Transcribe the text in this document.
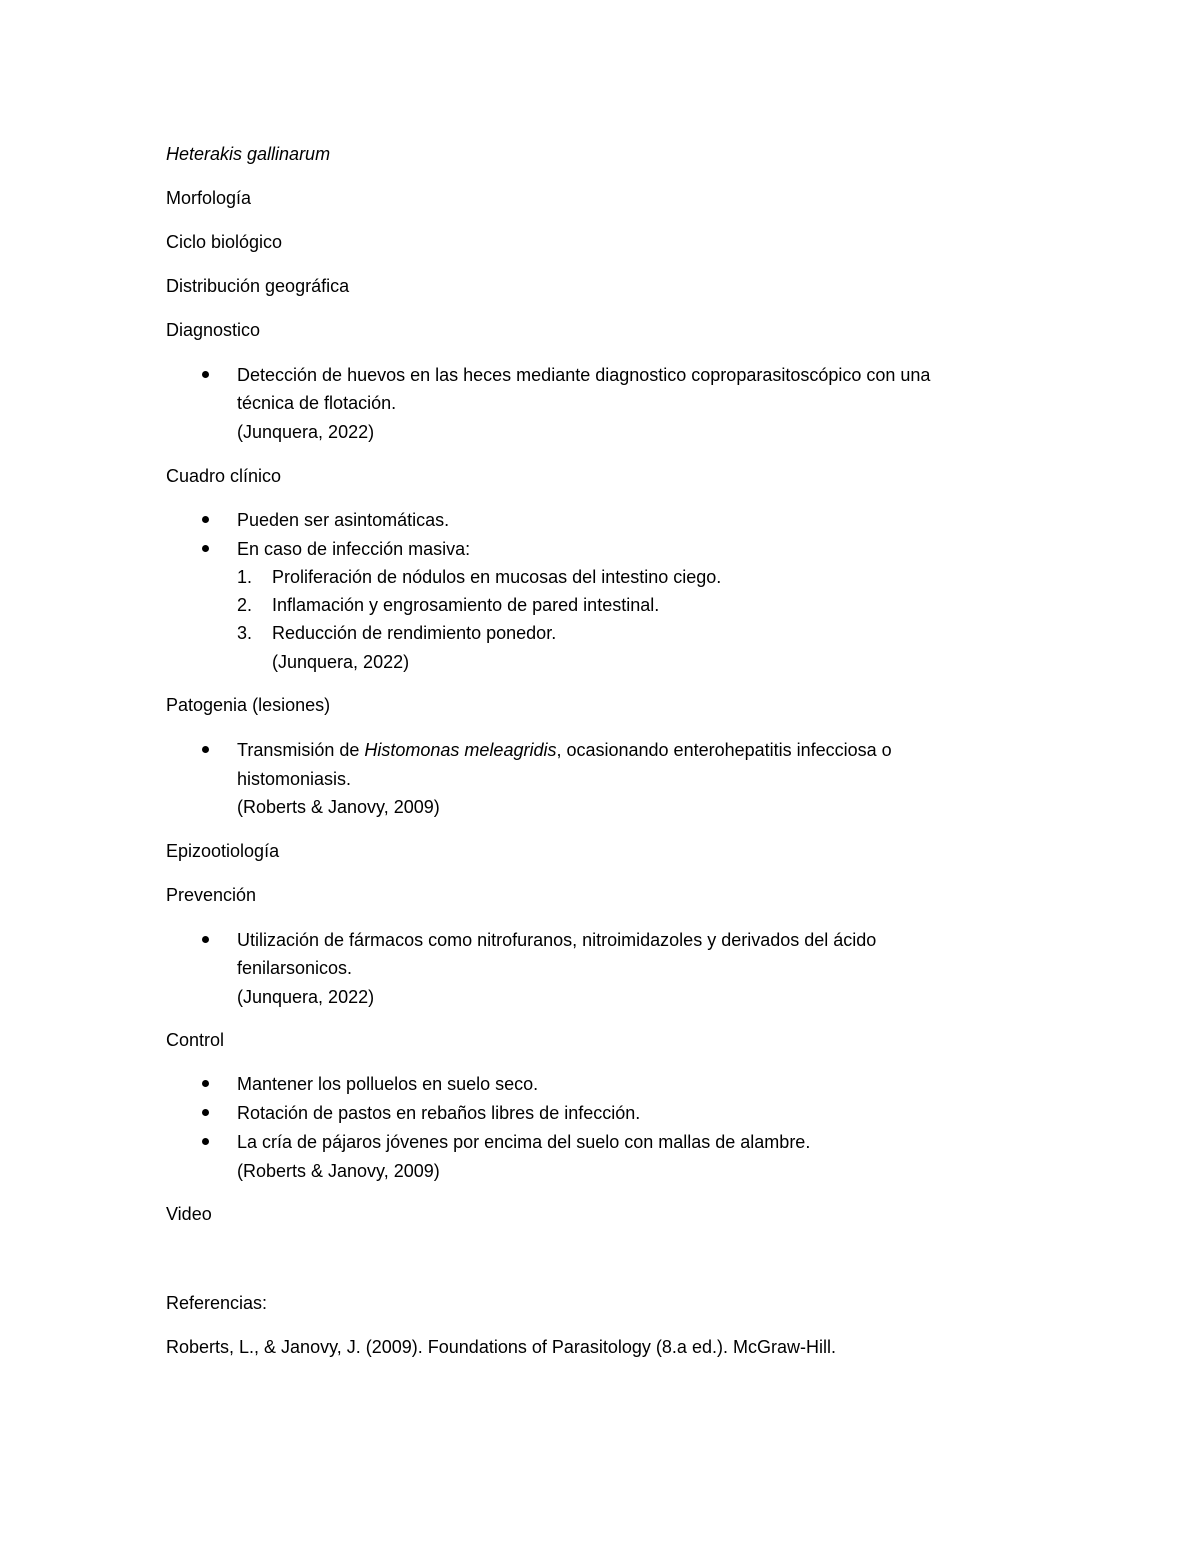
Heterakis gallinarum
Morfología
Ciclo biológico
Distribución geográfica
Diagnostico
Detección de huevos en las heces mediante diagnostico coproparasitoscópico con una
técnica de flotación.
(Junquera, 2022)
Cuadro clínico
Pueden ser asintomáticas.
En caso de infección masiva:
1. Proliferación de nódulos en mucosas del intestino ciego.
2. Inflamación y engrosamiento de pared intestinal.
3. Reducción de rendimiento ponedor.
(Junquera, 2022)
Patogenia (lesiones)
Transmisión de Histomonas meleagridis, ocasionando enterohepatitis infecciosa o
histomoniasis.
(Roberts & Janovy, 2009)
Epizootiología
Prevención
Utilización de fármacos como nitrofuranos, nitroimidazoles y derivados del ácido
fenilarsonicos.
(Junquera, 2022)
Control
Mantener los polluelos en suelo seco.
Rotación de pastos en rebaños libres de infección.
La cría de pájaros jóvenes por encima del suelo con mallas de alambre.
(Roberts & Janovy, 2009)
Video
Referencias:
Roberts, L., & Janovy, J. (2009). Foundations of Parasitology (8.a ed.). McGraw-Hill.
